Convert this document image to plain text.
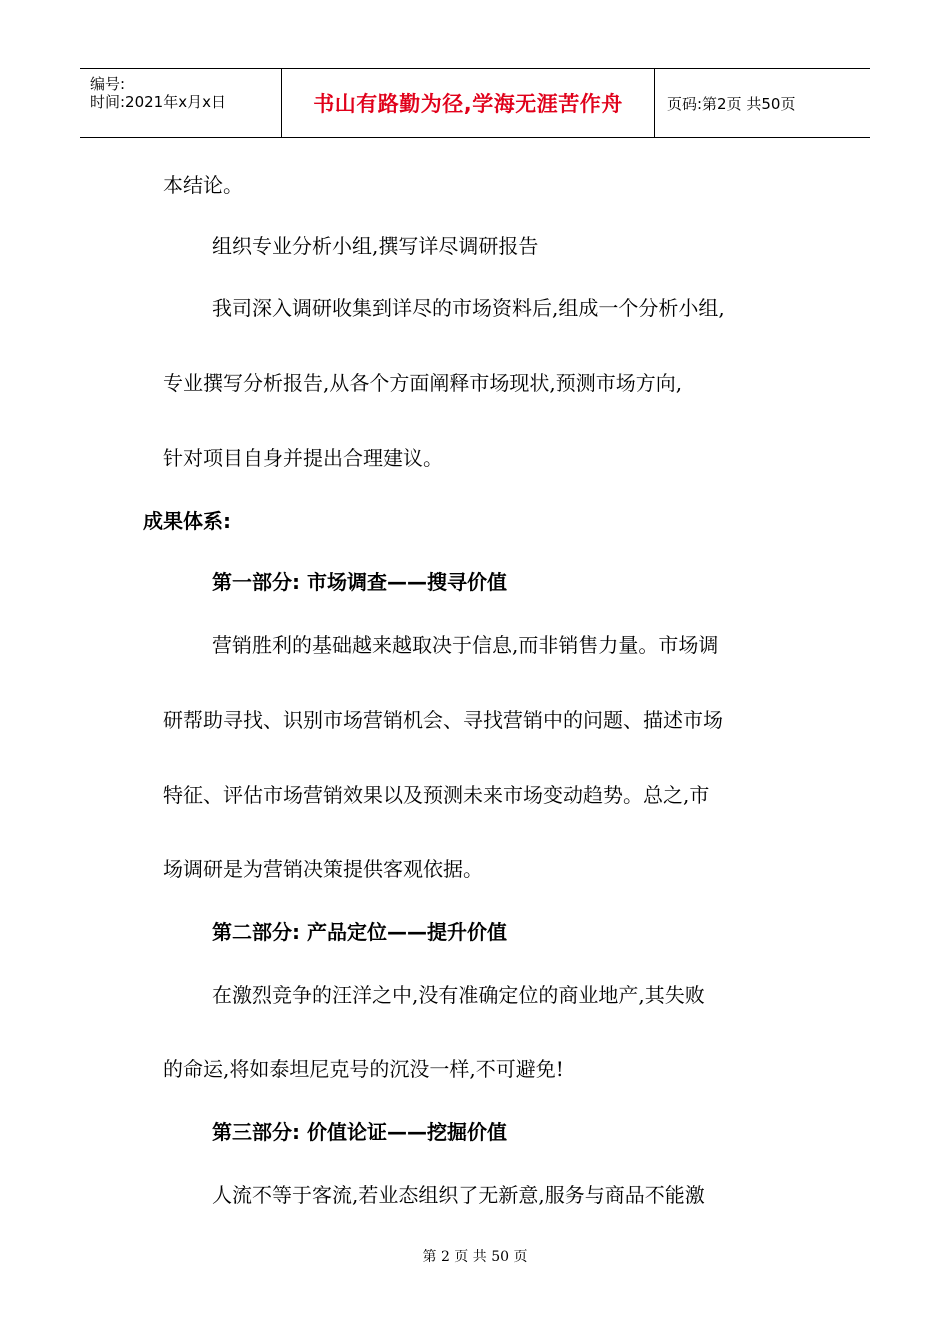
编号:
时间:2021年x月x日	书山有路勤为径,学海无涯苦作舟	页码:第2页 共50页
本结论。
组织专业分析小组,撰写详尽调研报告
我司深入调研收集到详尽的市场资料后,组成一个分析小组,
专业撰写分析报告,从各个方面阐释市场现状,预测市场方向,
针对项目自身并提出合理建议。
成果体系:
第一部分: 市场调查——搜寻价值
营销胜利的基础越来越取决于信息,而非销售力量。市场调
研帮助寻找、识别市场营销机会、寻找营销中的问题、描述市场
特征、评估市场营销效果以及预测未来市场变动趋势。总之,市
场调研是为营销决策提供客观依据。
第二部分: 产品定位——提升价值
在激烈竞争的汪洋之中,没有准确定位的商业地产,其失败
的命运,将如泰坦尼克号的沉没一样,不可避免!
第三部分: 价值论证——挖掘价值
人流不等于客流,若业态组织了无新意,服务与商品不能激
第 2 页 共 50 页
